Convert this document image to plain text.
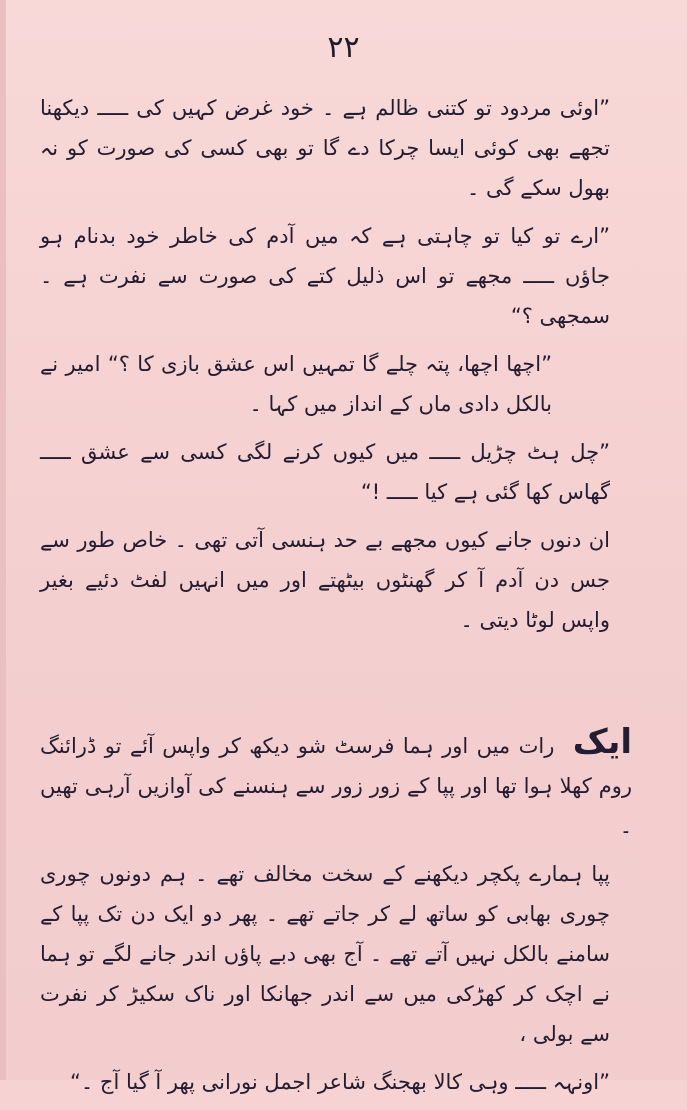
۲۲

”اوئی مردود تو کتنی ظالم ہے ۔ خود غرض کہیں کی ـــــ دیکھنا تجھے بھی کوئی ایسا چرکا دے گا تو بھی کسی کی صورت کو نہ بھول سکے گی ۔

”ارے تو کیا تو چاہتی ہے کہ میں آدم کی خاطر خود بدنام ہو جاؤں ـــــ مجھے تو اس ذلیل کتے کی صورت سے نفرت ہے ۔ سمجھی ؟“

”اچھا اچھا، پتہ چلے گا تمہیں اس عشق بازی کا ؟“ امیر نے بالکل دادی ماں کے انداز میں کہا ۔

”چل ہٹ چڑیل ـــــ میں کیوں کرنے لگی کسی سے عشق ـــــ گھاس کھا گئی ہے کیا ـــــ !“

ان دنوں جانے کیوں مجھے بے حد ہنسی آتی تھی ۔ خاص طور سے جس دن آدم آ کر گھنٹوں بیٹھتے اور میں انہیں لفٹ دئیے بغیر واپس لوٹا دیتی ۔

ایک رات میں اور ہما فرسٹ شو دیکھ کر واپس آئے تو ڈرائنگ روم کھلا ہوا تھا اور پپا کے زور زور سے ہنسنے کی آوازیں آرہی تھیں ۔

پپا ہمارے پکچر دیکھنے کے سخت مخالف تھے ۔ ہم دونوں چوری چوری بھابی کو ساتھ لے کر جاتے تھے ۔ پھر دو ایک دن تک پپا کے سامنے بالکل نہیں آتے تھے ۔ آج بھی دبے پاؤں اندر جانے لگے تو ہما نے اچک کر کھڑکی میں سے اندر جھانکا اور ناک سکیڑ کر نفرت سے بولی ،

”اونہہ ـــــ وہی کالا بھجنگ شاعر اجمل نورانی پھر آ گیا آج ۔“
